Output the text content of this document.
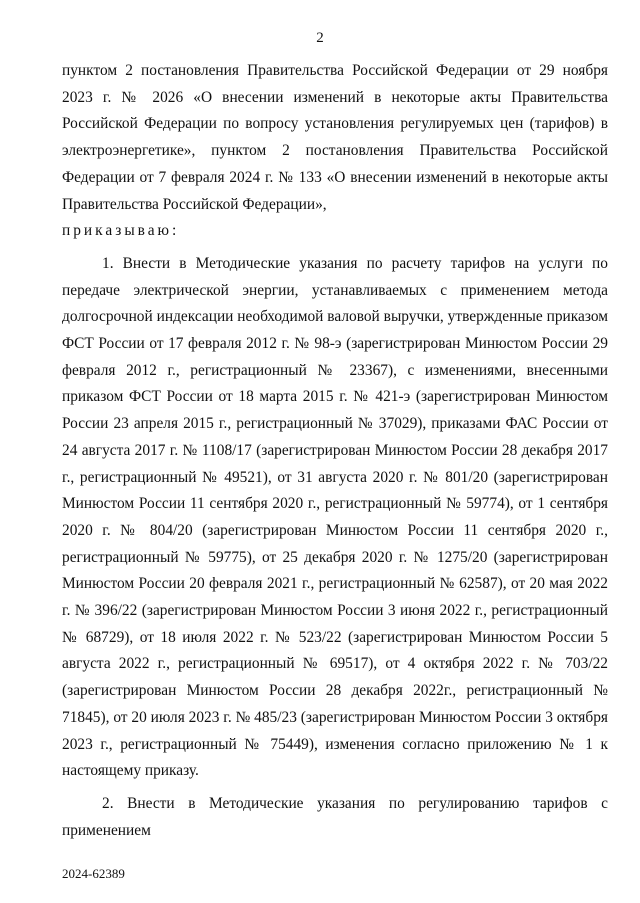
2

пунктом 2 постановления Правительства Российской Федерации от 29 ноября 2023 г. № 2026 «О внесении изменений в некоторые акты Правительства Российской Федерации по вопросу установления регулируемых цен (тарифов) в электроэнергетике», пунктом 2 постановления Правительства Российской Федерации от 7 февраля 2024 г. № 133 «О внесении изменений в некоторые акты Правительства Российской Федерации»,

приказываю:

1. Внести в Методические указания по расчету тарифов на услуги по передаче электрической энергии, устанавливаемых с применением метода долгосрочной индексации необходимой валовой выручки, утвержденные приказом ФСТ России от 17 февраля 2012 г. № 98-э (зарегистрирован Минюстом России 29 февраля 2012 г., регистрационный № 23367), с изменениями, внесенными приказом ФСТ России от 18 марта 2015 г. № 421-э (зарегистрирован Минюстом России 23 апреля 2015 г., регистрационный № 37029), приказами ФАС России от 24 августа 2017 г. № 1108/17 (зарегистрирован Минюстом России 28 декабря 2017 г., регистрационный № 49521), от 31 августа 2020 г. № 801/20 (зарегистрирован Минюстом России 11 сентября 2020 г., регистрационный № 59774), от 1 сентября 2020 г. № 804/20 (зарегистрирован Минюстом России 11 сентября 2020 г., регистрационный № 59775), от 25 декабря 2020 г. № 1275/20 (зарегистрирован Минюстом России 20 февраля 2021 г., регистрационный № 62587), от 20 мая 2022 г. № 396/22 (зарегистрирован Минюстом России 3 июня 2022 г., регистрационный № 68729), от 18 июля 2022 г. № 523/22 (зарегистрирован Минюстом России 5 августа 2022 г., регистрационный № 69517), от 4 октября 2022 г. № 703/22 (зарегистрирован Минюстом России 28 декабря 2022г., регистрационный № 71845), от 20 июля 2023 г. № 485/23 (зарегистрирован Минюстом России 3 октября 2023 г., регистрационный № 75449), изменения согласно приложению № 1 к настоящему приказу.

2. Внести в Методические указания по регулированию тарифов с применением

2024-62389
